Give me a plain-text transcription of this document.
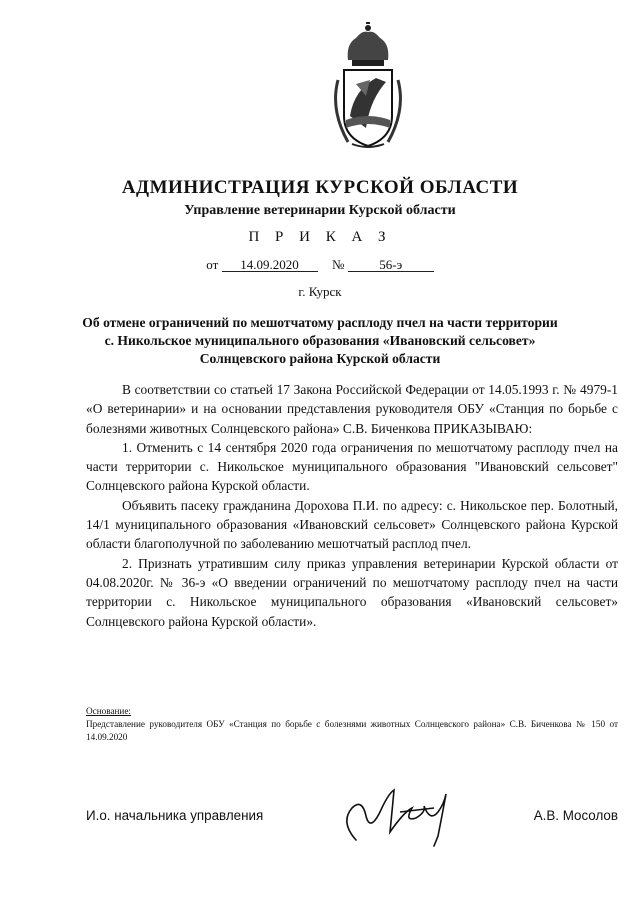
АДМИНИСТРАЦИЯ КУРСКОЙ ОБЛАСТИ
Управление ветеринарии Курской области
П Р И К А З
от 14.09.2020	№	56-э
г. Курск
Об отмене ограничений по мешотчатому расплоду пчел на части территории
с. Никольское муниципального образования «Ивановский сельсовет»
Солнцевского района Курской области

В соответствии со статьей 17 Закона Российской Федерации от 14.05.1993 г. № 4979-1 «О ветеринарии» и на основании представления руководителя ОБУ «Станция по борьбе с болезнями животных Солнцевского района» С.В. Биченкова ПРИКАЗЫВАЮ:

1. Отменить с 14 сентября 2020 года ограничения по мешотчатому расплоду пчел на части территории с. Никольское муниципального образования "Ивановский сельсовет" Солнцевского района Курской области.

Объявить пасеку гражданина Дорохова П.И. по адресу: с. Никольское пер. Болотный, 14/1 муниципального образования «Ивановский сельсовет» Солнцевского района Курской области благополучной по заболеванию мешотчатый расплод пчел.

2. Признать утратившим силу приказ управления ветеринарии Курской области от 04.08.2020г. № 36-э «О введении ограничений по мешотчатому расплоду пчел на части территории с. Никольское муниципального образования «Ивановский сельсовет» Солнцевского района Курской области».

Основание:
Представление руководителя ОБУ «Станция по борьбе с болезнями животных Солнцевского района» С.В. Биченкова № 150 от 14.09.2020
И.о. начальника управления	А.В. Мосолов
